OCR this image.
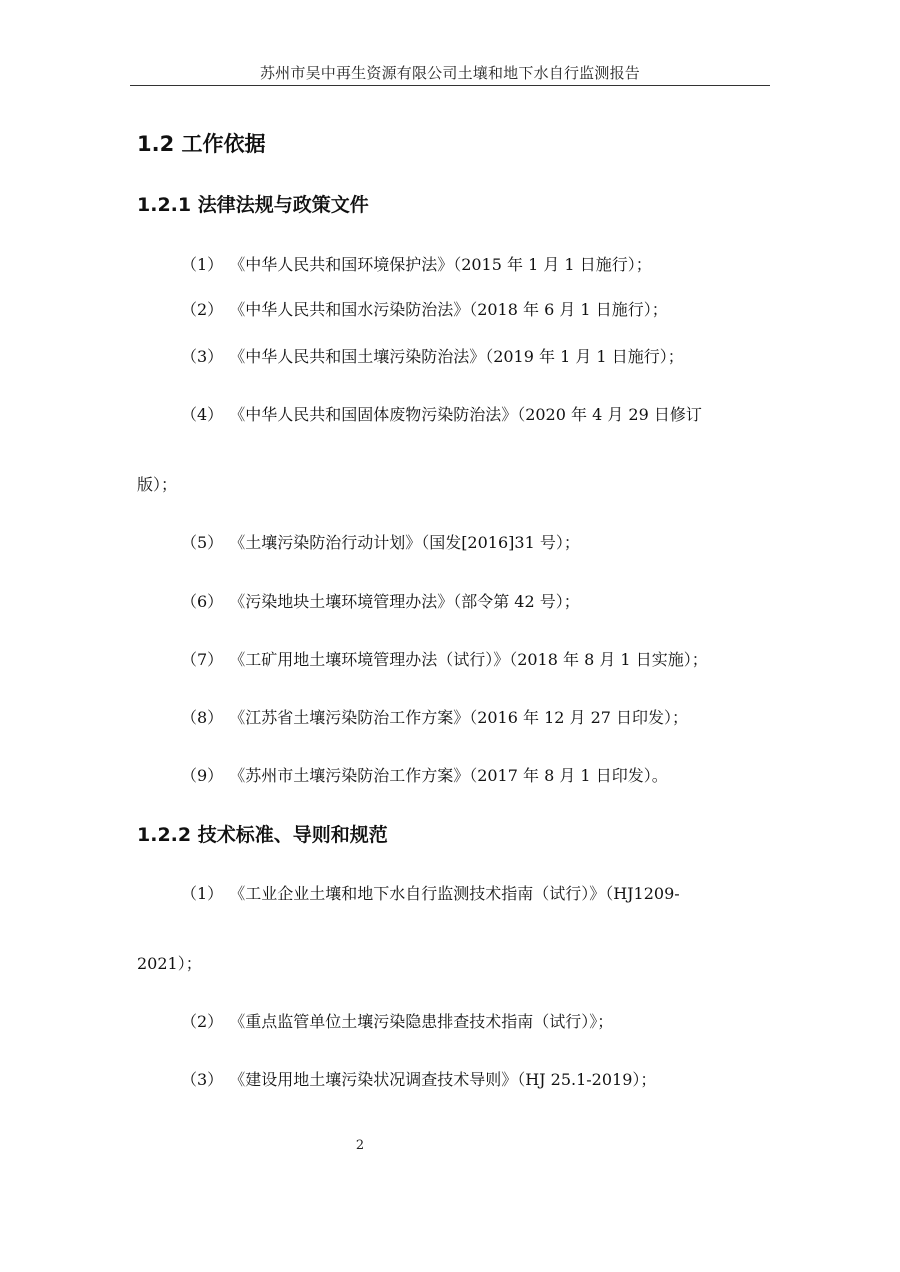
苏州市吴中再生资源有限公司土壤和地下水自行监测报告
1.2 工作依据
1.2.1 法律法规与政策文件
（1） 《中华人民共和国环境保护法》（2015 年 1 月 1 日施行）；
（2） 《中华人民共和国水污染防治法》（2018 年 6 月 1 日施行）；
（3） 《中华人民共和国土壤污染防治法》（2019 年 1 月 1 日施行）；
（4） 《中华人民共和国固体废物污染防治法》（2020 年 4 月 29 日修订
版）；
（5） 《土壤污染防治行动计划》（国发[2016]31 号）；
（6） 《污染地块土壤环境管理办法》（部令第 42 号）；
（7） 《工矿用地土壤环境管理办法（试行）》（2018 年 8 月 1 日实施）；
（8） 《江苏省土壤污染防治工作方案》（2016 年 12 月 27 日印发）；
（9） 《苏州市土壤污染防治工作方案》（2017 年 8 月 1 日印发）。
1.2.2 技术标准、导则和规范
（1） 《工业企业土壤和地下水自行监测技术指南（试行）》（HJ1209-
2021）；
（2） 《重点监管单位土壤污染隐患排查技术指南（试行）》；
（3） 《建设用地土壤污染状况调查技术导则》（HJ 25.1-2019）；
2
